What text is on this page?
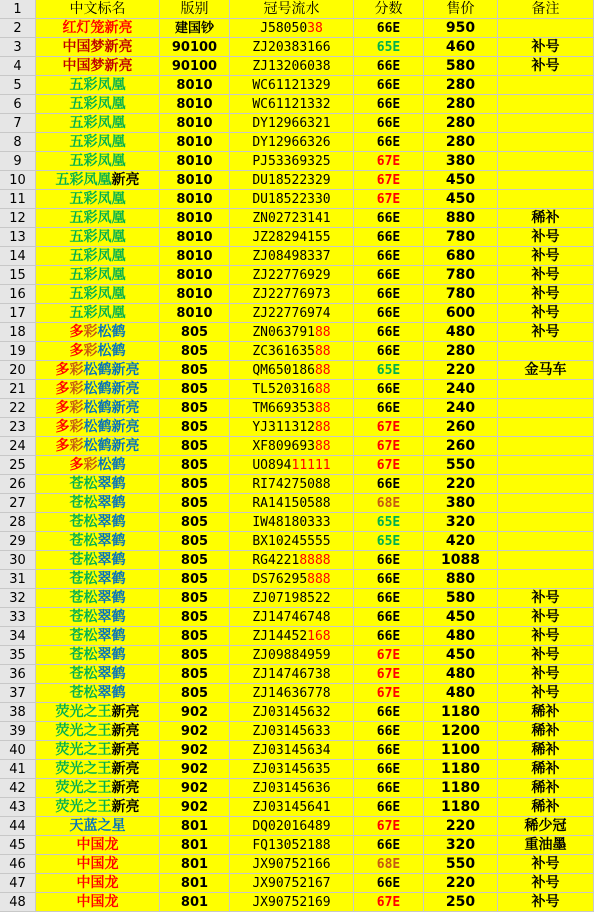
1	中文标名	版别	冠号流水	分数	售价	备注
2	红灯笼新亮	建国钞	J5805038	66E	950
3	中国梦新亮	90100	ZJ20383166	65E	460	补号
4	中国梦新亮	90100	ZJ13206038	66E	580	补号
5	五彩凤凰	8010	WC61121329	66E	280
6	五彩凤凰	8010	WC61121332	66E	280
7	五彩凤凰	8010	DY12966321	66E	280
8	五彩凤凰	8010	DY12966326	66E	280
9	五彩凤凰	8010	PJ53369325	67E	380
10	五彩凤凰新亮	8010	DU18522329	67E	450
11	五彩凤凰	8010	DU18522330	67E	450
12	五彩凤凰	8010	ZN02723141	66E	880	稀补
13	五彩凤凰	8010	JZ28294155	66E	780	补号
14	五彩凤凰	8010	ZJ08498337	66E	680	补号
15	五彩凤凰	8010	ZJ22776929	66E	780	补号
16	五彩凤凰	8010	ZJ22776973	66E	780	补号
17	五彩凤凰	8010	ZJ22776974	66E	600	补号
18	多彩松鹤	805	ZN06379188	66E	480	补号
19	多彩松鹤	805	ZC36163588	66E	280
20	多彩松鹤新亮	805	QM65018688	65E	220	金马车
21	多彩松鹤新亮	805	TL52031688	66E	240
22	多彩松鹤新亮	805	TM66935388	66E	240
23	多彩松鹤新亮	805	YJ31131288	67E	260
24	多彩松鹤新亮	805	XF80969388	67E	260
25	多彩松鹤	805	UO89411111	67E	550
26	苍松翠鹤	805	RI74275088	66E	220
27	苍松翠鹤	805	RA14150588	68E	380
28	苍松翠鹤	805	IW48180333	65E	320
29	苍松翠鹤	805	BX10245555	65E	420
30	苍松翠鹤	805	RG42218888	66E	1088
31	苍松翠鹤	805	DS76295888	66E	880
32	苍松翠鹤	805	ZJ07198522	66E	580	补号
33	苍松翠鹤	805	ZJ14746748	66E	450	补号
34	苍松翠鹤	805	ZJ14452168	66E	480	补号
35	苍松翠鹤	805	ZJ09884959	67E	450	补号
36	苍松翠鹤	805	ZJ14746738	67E	480	补号
37	苍松翠鹤	805	ZJ14636778	67E	480	补号
38	荧光之王新亮	902	ZJ03145632	66E	1180	稀补
39	荧光之王新亮	902	ZJ03145633	66E	1200	稀补
40	荧光之王新亮	902	ZJ03145634	66E	1100	稀补
41	荧光之王新亮	902	ZJ03145635	66E	1180	稀补
42	荧光之王新亮	902	ZJ03145636	66E	1180	稀补
43	荧光之王新亮	902	ZJ03145641	66E	1180	稀补
44	天蓝之星	801	DQ02016489	67E	220	稀少冠
45	中国龙	801	FQ13052188	66E	320	重油墨
46	中国龙	801	JX90752166	68E	550	补号
47	中国龙	801	JX90752167	66E	220	补号
48	中国龙	801	JX90752169	67E	250	补号
